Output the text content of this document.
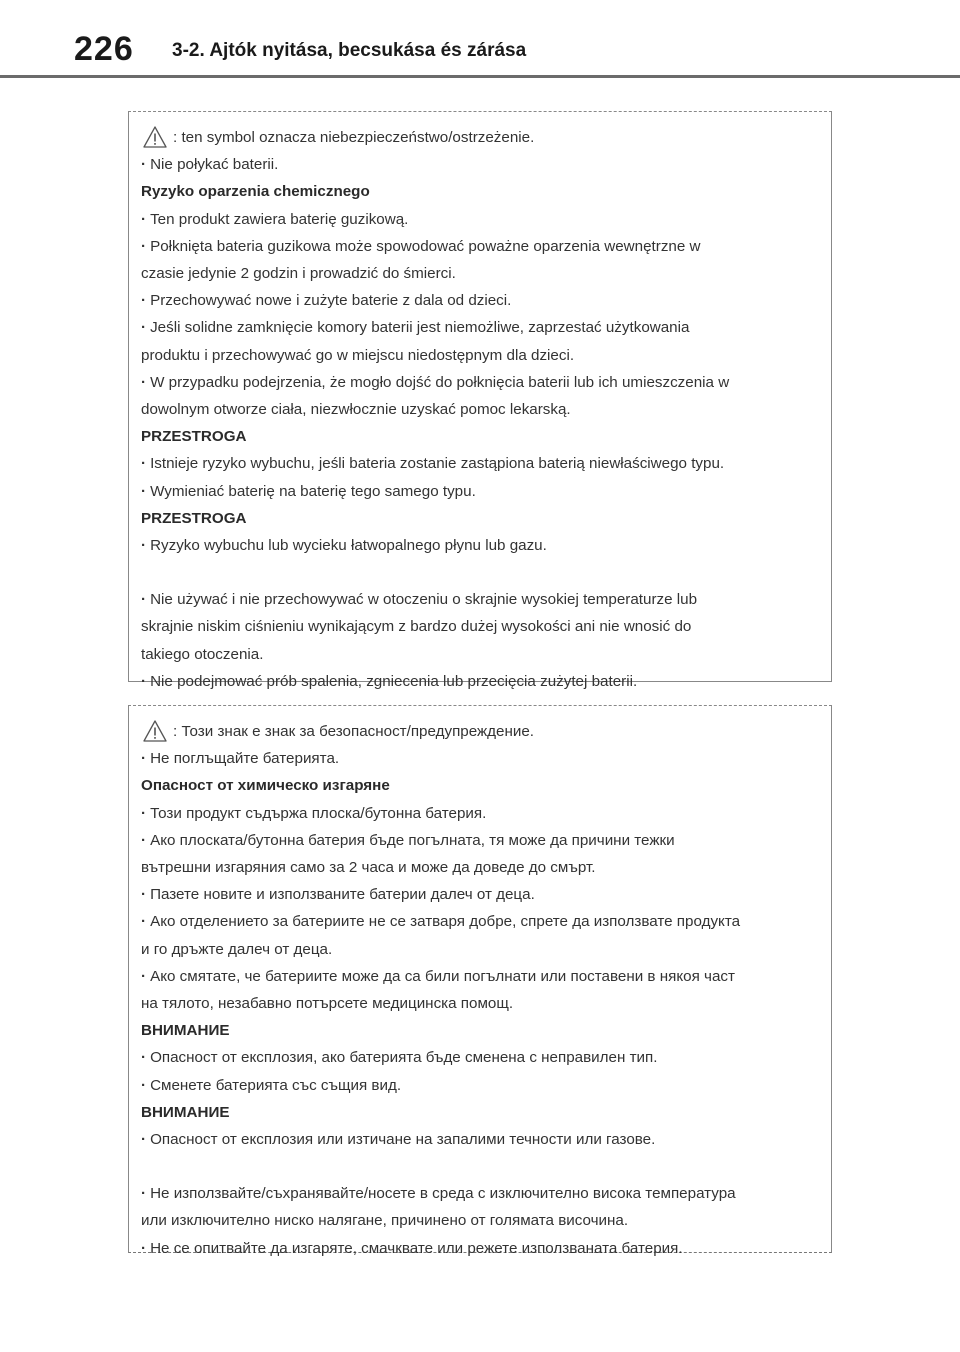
226 3-2. Ajtók nyitása, becsukása és zárása
: ten symbol oznacza niebezpieczeństwo/ostrzeżenie.
· Nie połykać baterii.
Ryzyko oparzenia chemicznego
· Ten produkt zawiera baterię guzikową.
· Połknięta bateria guzikowa może spowodować poważne oparzenia wewnętrzne w
czasie jedynie 2 godzin i prowadzić do śmierci.
· Przechowywać nowe i zużyte baterie z dala od dzieci.
· Jeśli solidne zamknięcie komory baterii jest niemożliwe, zaprzestać użytkowania
produktu i przechowywać go w miejscu niedostępnym dla dzieci.
· W przypadku podejrzenia, że mogło dojść do połknięcia baterii lub ich umieszczenia w
dowolnym otworze ciała, niezwłocznie uzyskać pomoc lekarską.
PRZESTROGA
· Istnieje ryzyko wybuchu, jeśli bateria zostanie zastąpiona baterią niewłaściwego typu.
· Wymieniać baterię na baterię tego samego typu.
PRZESTROGA
· Ryzyko wybuchu lub wycieku łatwopalnego płynu lub gazu.
· Nie używać i nie przechowywać w otoczeniu o skrajnie wysokiej temperaturze lub
skrajnie niskim ciśnieniu wynikającym z bardzo dużej wysokości ani nie wnosić do
takiego otoczenia.
· Nie podejmować prób spalenia, zgniecenia lub przecięcia zużytej baterii.
: Този знак е знак за безопасност/предупреждение.
· Не поглъщайте батерията.
Опасност от химическо изгаряне
· Този продукт съдържа плоска/бутонна батерия.
· Ако плоската/бутонна батерия бъде погълната, тя може да причини тежки
вътрешни изгаряния само за 2 часа и може да доведе до смърт.
· Пазете новите и използваните батерии далеч от деца.
· Ако отделението за батериите не се затваря добре, спрете да използвате продукта
и го дръжте далеч от деца.
· Ако смятате, че батериите може да са били погълнати или поставени в някоя част
на тялото, незабавно потърсете медицинска помощ.
ВНИМАНИЕ
· Опасност от експлозия, ако батерията бъде сменена с неправилен тип.
· Сменете батерията със същия вид.
ВНИМАНИЕ
· Опасност от експлозия или изтичане на запалими течности или газове.
· Не използвайте/съхранявайте/носете в среда с изключително висока температура
или изключително ниско налягане, причинено от голямата височина.
· Не се опитвайте да изгаряте, смачквате или режете използваната батерия.
